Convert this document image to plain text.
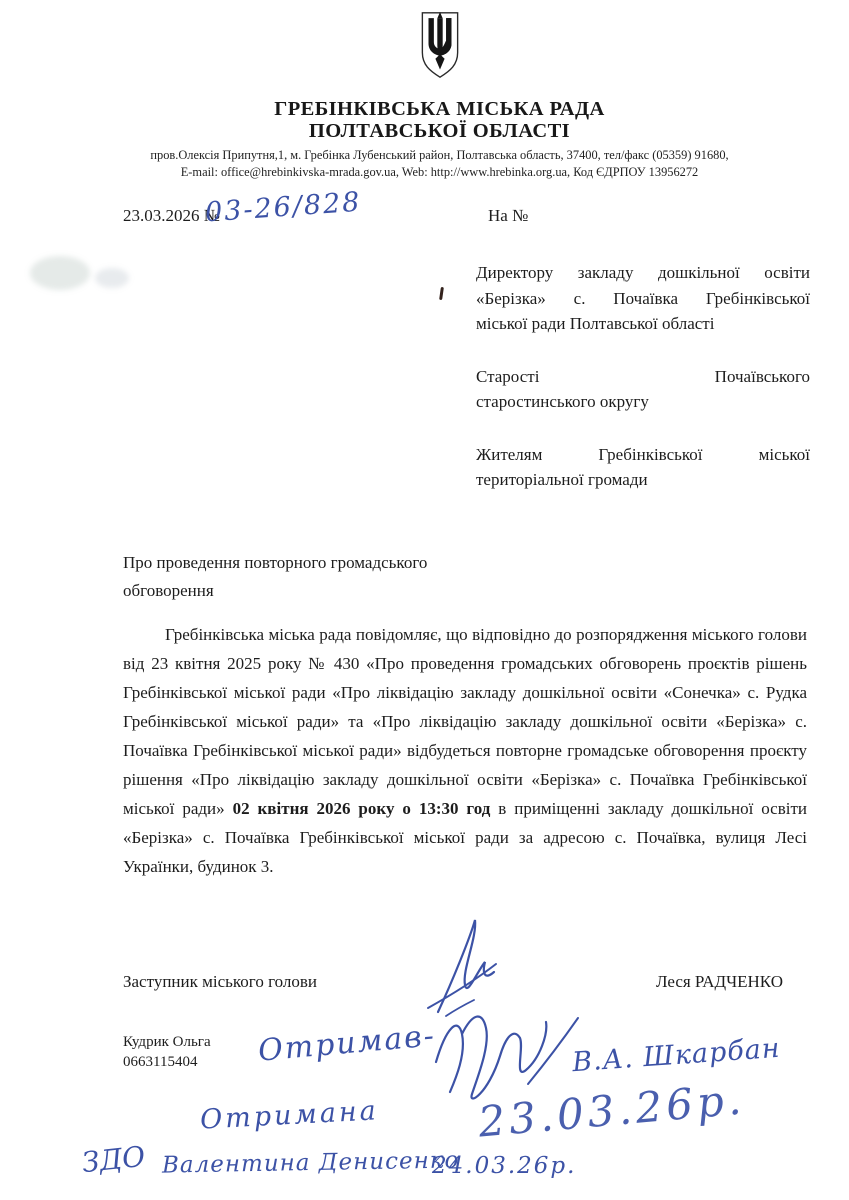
ГРЕБІНКІВСЬКА МІСЬКА РАДА
ПОЛТАВСЬКОЇ ОБЛАСТІ
пров.Олексія Припутня,1, м. Гребінка Лубенський район, Полтавська область, 37400, тел/факс (05359) 91680,
E-mail: office@hrebinkivska-mrada.gov.ua, Web: http://www.hrebinka.org.ua, Код ЄДРПОУ 13956272
23.03.2026 №
03-26/828	На №
Директору закладу дошкільної освіти
«Берізка» с. Почаївка Гребінківської
міської ради Полтавської області
Старості Почаївського
старостинського округу
Жителям Гребінківської міської
територіальної громади
Про проведення повторного громадського обговорення

Гребінківська міська рада повідомляє, що відповідно до розпорядження міського голови від 23 квітня 2025 року № 430 «Про проведення громадських обговорень проєктів рішень Гребінківської міської ради «Про ліквідацію закладу дошкільної освіти «Сонечка» с. Рудка Гребінківської міської ради» та «Про ліквідацію закладу дошкільної освіти «Берізка» с. Почаївка Гребінківської міської ради» відбудеться повторне громадське обговорення проєкту рішення «Про ліквідацію закладу дошкільної освіти «Берізка» с. Почаївка Гребінківської міської ради» 02 квітня 2026 року о 13:30 год в приміщенні закладу дошкільної освіти «Берізка» с. Почаївка Гребінківської міської ради за адресою с. Почаївка, вулиця Лесі Українки, будинок 3.

Заступник міського голови	Леся РАДЧЕНКО
Кудрик Ольга
0663115404	Отримав-	В.А. Шкарбан
Отримана 23.03.26р.
ЗДО Валентина Денисенко
24.03.26р.
